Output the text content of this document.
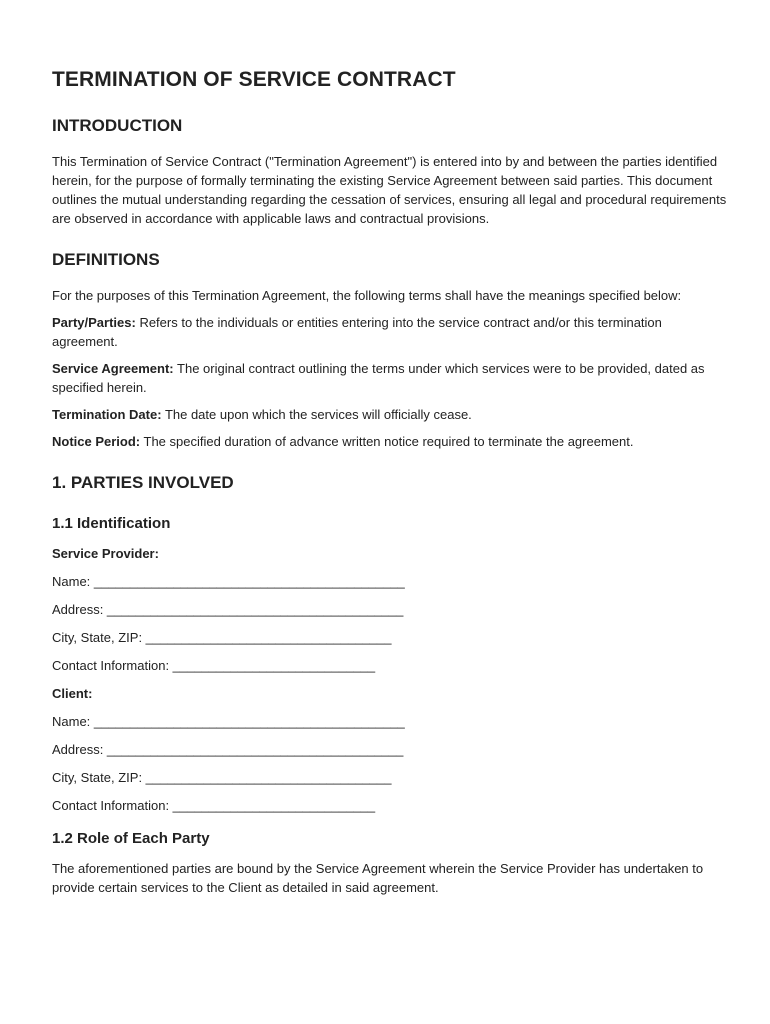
TERMINATION OF SERVICE CONTRACT
INTRODUCTION

This Termination of Service Contract ("Termination Agreement") is entered into by and between the parties identified herein, for the purpose of formally terminating the existing Service Agreement between said parties. This document outlines the mutual understanding regarding the cessation of services, ensuring all legal and procedural requirements are observed in accordance with applicable laws and contractual provisions.

DEFINITIONS

For the purposes of this Termination Agreement, the following terms shall have the meanings specified below:

Party/Parties: Refers to the individuals or entities entering into the service contract and/or this termination agreement.

Service Agreement: The original contract outlining the terms under which services were to be provided, dated as specified herein.

Termination Date: The date upon which the services will officially cease.

Notice Period: The specified duration of advance written notice required to terminate the agreement.

1. PARTIES INVOLVED
1.1 Identification
Service Provider:
Name: ___________________________________________
Address: _________________________________________
City, State, ZIP: __________________________________
Contact Information: ____________________________
Client:
Name: ___________________________________________
Address: _________________________________________
City, State, ZIP: __________________________________
Contact Information: ____________________________
1.2 Role of Each Party

The aforementioned parties are bound by the Service Agreement wherein the Service Provider has undertaken to provide certain services to the Client as detailed in said agreement.
